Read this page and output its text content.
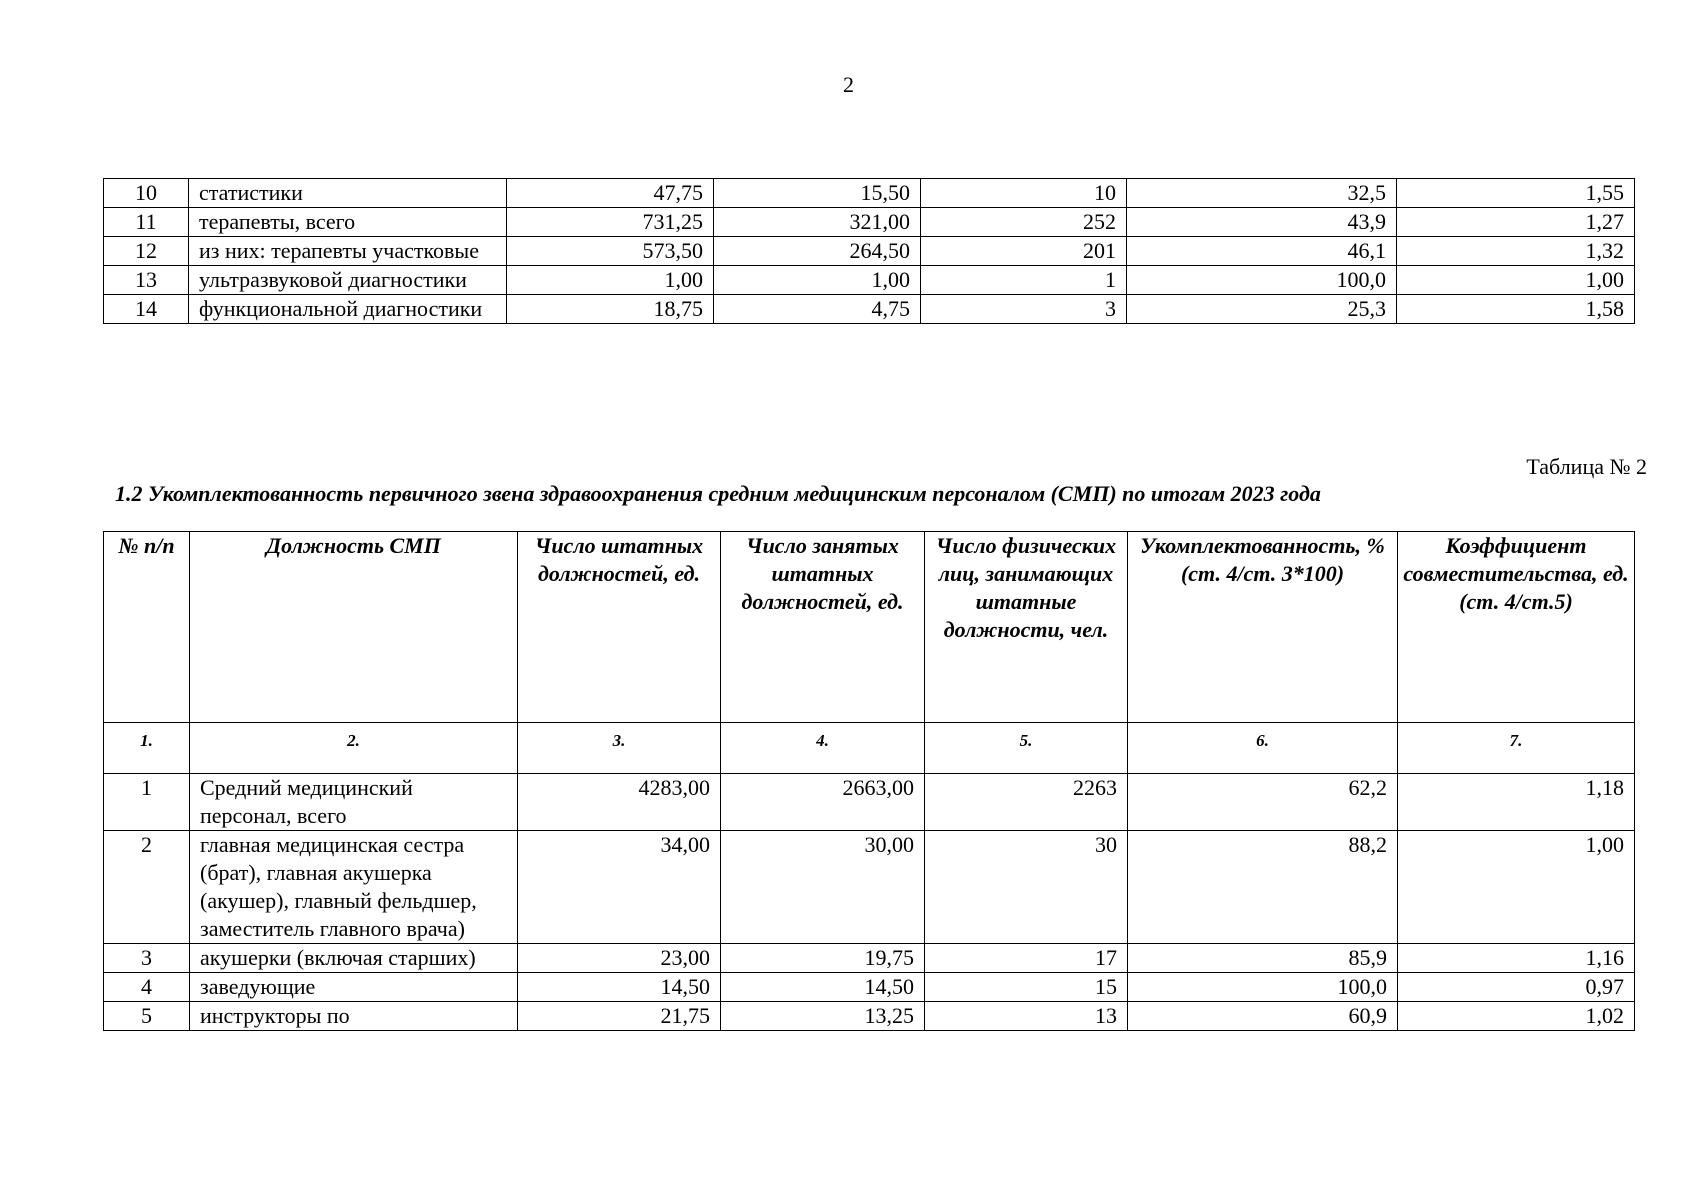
2
10	статистики	47,75	15,50	10	32,5	1,55
11	терапевты, всего	731,25	321,00	252	43,9	1,27
12	из них: терапевты участковые	573,50	264,50	201	46,1	1,32
13	ультразвуковой диагностики	1,00	1,00	1	100,0	1,00
14	функциональной диагностики	18,75	4,75	3	25,3	1,58
Таблица № 2
1.2 Укомплектованность первичного звена здравоохранения средним медицинским персоналом (СМП) по итогам 2023 года
№ п/п	Должность СМП	Число штатных должностей, ед.	Число занятых штатных должностей, ед.	Число физических лиц, занимающих штатные должности, чел.	Укомплектованность, % (ст. 4/ст. 3*100)	Коэффициент совместительства, ед. (ст. 4/ст.5)
1.	2.	3.	4.	5.	6.	7.
1	Средний медицинский персонал, всего	4283,00	2663,00	2263	62,2	1,18
2	главная медицинская сестра (брат), главная акушерка (акушер), главный фельдшер, заместитель главного врача)	34,00	30,00	30	88,2	1,00
3	акушерки (включая старших)	23,00	19,75	17	85,9	1,16
4	заведующие	14,50	14,50	15	100,0	0,97
5	инструкторы по	21,75	13,25	13	60,9	1,02
